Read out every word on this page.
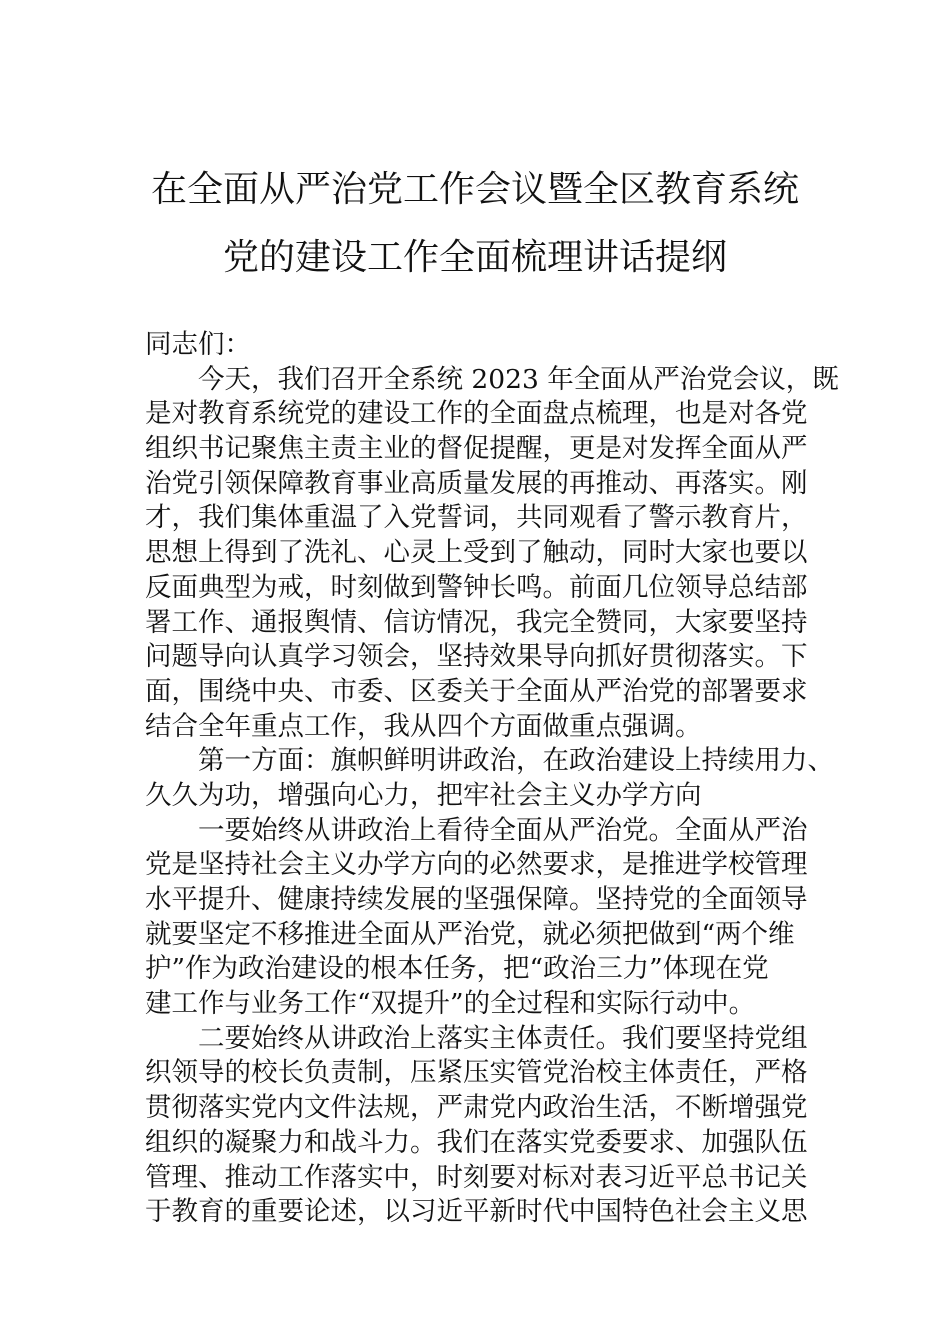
在全面从严治党工作会议暨全区教育系统
党的建设工作全面梳理讲话提纲
同志们：
今天，我们召开全系统 2023 年全面从严治党会议，既
是对教育系统党的建设工作的全面盘点梳理，也是对各党
组织书记聚焦主责主业的督促提醒，更是对发挥全面从严
治党引领保障教育事业高质量发展的再推动、再落实。刚
才，我们集体重温了入党誓词，共同观看了警示教育片，
思想上得到了洗礼、心灵上受到了触动，同时大家也要以
反面典型为戒，时刻做到警钟长鸣。前面几位领导总结部
署工作、通报舆情、信访情况，我完全赞同，大家要坚持
问题导向认真学习领会，坚持效果导向抓好贯彻落实。下
面，围绕中央、市委、区委关于全面从严治党的部署要求
结合全年重点工作，我从四个方面做重点强调。
第一方面：旗帜鲜明讲政治，在政治建设上持续用力、
久久为功，增强向心力，把牢社会主义办学方向
一要始终从讲政治上看待全面从严治党。全面从严治
党是坚持社会主义办学方向的必然要求，是推进学校管理
水平提升、健康持续发展的坚强保障。坚持党的全面领导
就要坚定不移推进全面从严治党，就必须把做到“两个维
护”作为政治建设的根本任务，把“政治三力”体现在党
建工作与业务工作“双提升”的全过程和实际行动中。
二要始终从讲政治上落实主体责任。我们要坚持党组
织领导的校长负责制，压紧压实管党治校主体责任，严格
贯彻落实党内文件法规，严肃党内政治生活，不断增强党
组织的凝聚力和战斗力。我们在落实党委要求、加强队伍
管理、推动工作落实中，时刻要对标对表习近平总书记关
于教育的重要论述，以习近平新时代中国特色社会主义思
